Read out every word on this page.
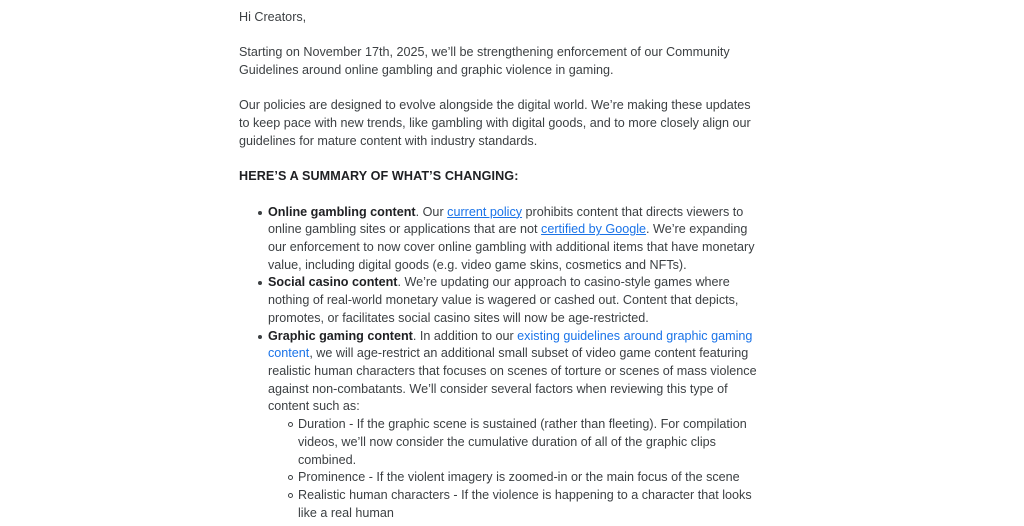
Hi Creators,

Starting on November 17th, 2025, we’ll be strengthening enforcement of our Community Guidelines around online gambling and graphic violence in gaming.

Our policies are designed to evolve alongside the digital world. We’re making these updates to keep pace with new trends, like gambling with digital goods, and to more closely align our guidelines for mature content with industry standards.

HERE’S A SUMMARY OF WHAT’S CHANGING:

Online gambling content. Our current policy prohibits content that directs viewers to online gambling sites or applications that are not certified by Google. We’re expanding our enforcement to now cover online gambling with additional items that have monetary value, including digital goods (e.g. video game skins, cosmetics and NFTs).
Social casino content. We’re updating our approach to casino-style games where nothing of real-world monetary value is wagered or cashed out. Content that depicts, promotes, or facilitates social casino sites will now be age-restricted.
Graphic gaming content. In addition to our existing guidelines around graphic gaming content, we will age-restrict an additional small subset of video game content featuring realistic human characters that focuses on scenes of torture or scenes of mass violence against non-combatants. We’ll consider several factors when reviewing this type of content such as:
Duration - If the graphic scene is sustained (rather than fleeting). For compilation videos, we’ll now consider the cumulative duration of all of the graphic clips combined.
Prominence - If the violent imagery is zoomed-in or the main focus of the scene
Realistic human characters - If the violence is happening to a character that looks like a real human
